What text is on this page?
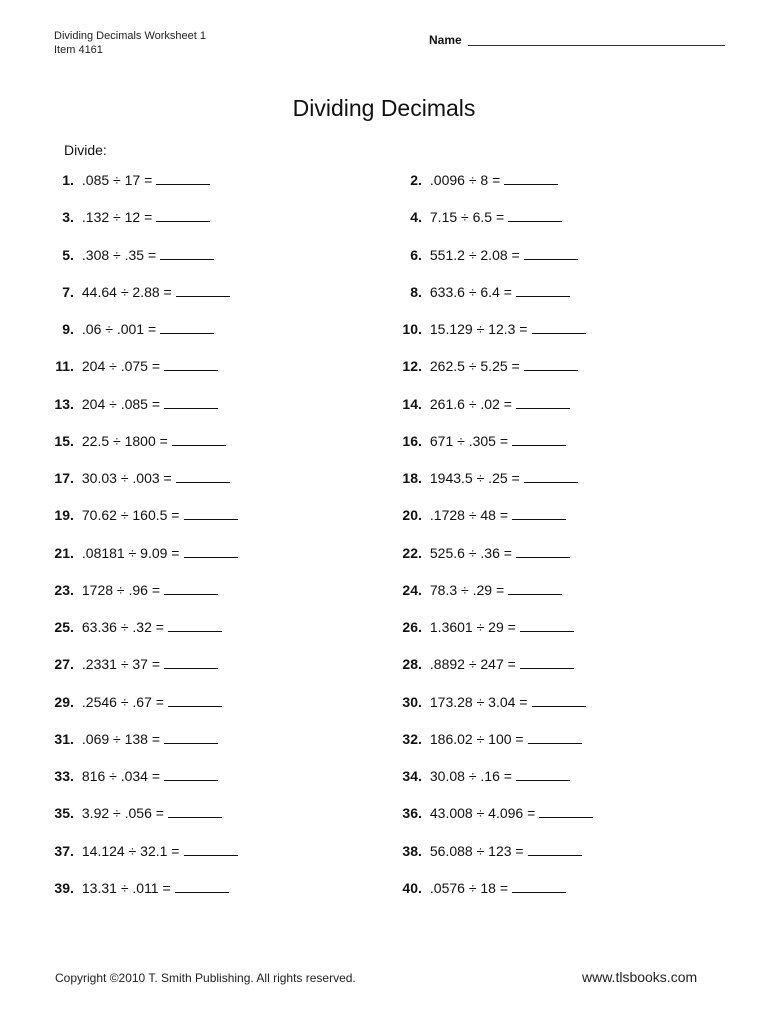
Dividing Decimals Worksheet 1
Item 4161
Name
Dividing Decimals
Divide:
1. .085 ÷ 17 =	2. .0096 ÷ 8 =
3. .132 ÷ 12 =	4. 7.15 ÷ 6.5 =
5. .308 ÷ .35 =	6. 551.2 ÷ 2.08 =
7. 44.64 ÷ 2.88 =	8. 633.6 ÷ 6.4 =
9. .06 ÷ .001 =	10. 15.129 ÷ 12.3 =
11. 204 ÷ .075 =	12. 262.5 ÷ 5.25 =
13. 204 ÷ .085 =	14. 261.6 ÷ .02 =
15. 22.5 ÷ 1800 =	16. 671 ÷ .305 =
17. 30.03 ÷ .003 =	18. 1943.5 ÷ .25 =
19. 70.62 ÷ 160.5 =	20. .1728 ÷ 48 =
21. .08181 ÷ 9.09 =	22. 525.6 ÷ .36 =
23. 1728 ÷ .96 =	24. 78.3 ÷ .29 =
25. 63.36 ÷ .32 =	26. 1.3601 ÷ 29 =
27. .2331 ÷ 37 =	28. .8892 ÷ 247 =
29. .2546 ÷ .67 =	30. 173.28 ÷ 3.04 =
31. .069 ÷ 138 =	32. 186.02 ÷ 100 =
33. 816 ÷ .034 =	34. 30.08 ÷ .16 =
35. 3.92 ÷ .056 =	36. 43.008 ÷ 4.096 =
37. 14.124 ÷ 32.1 =	38. 56.088 ÷ 123 =
39. 13.31 ÷ .011 =	40. .0576 ÷ 18 =
Copyright ©2010 T. Smith Publishing. All rights reserved.	www.tlsbooks.com
